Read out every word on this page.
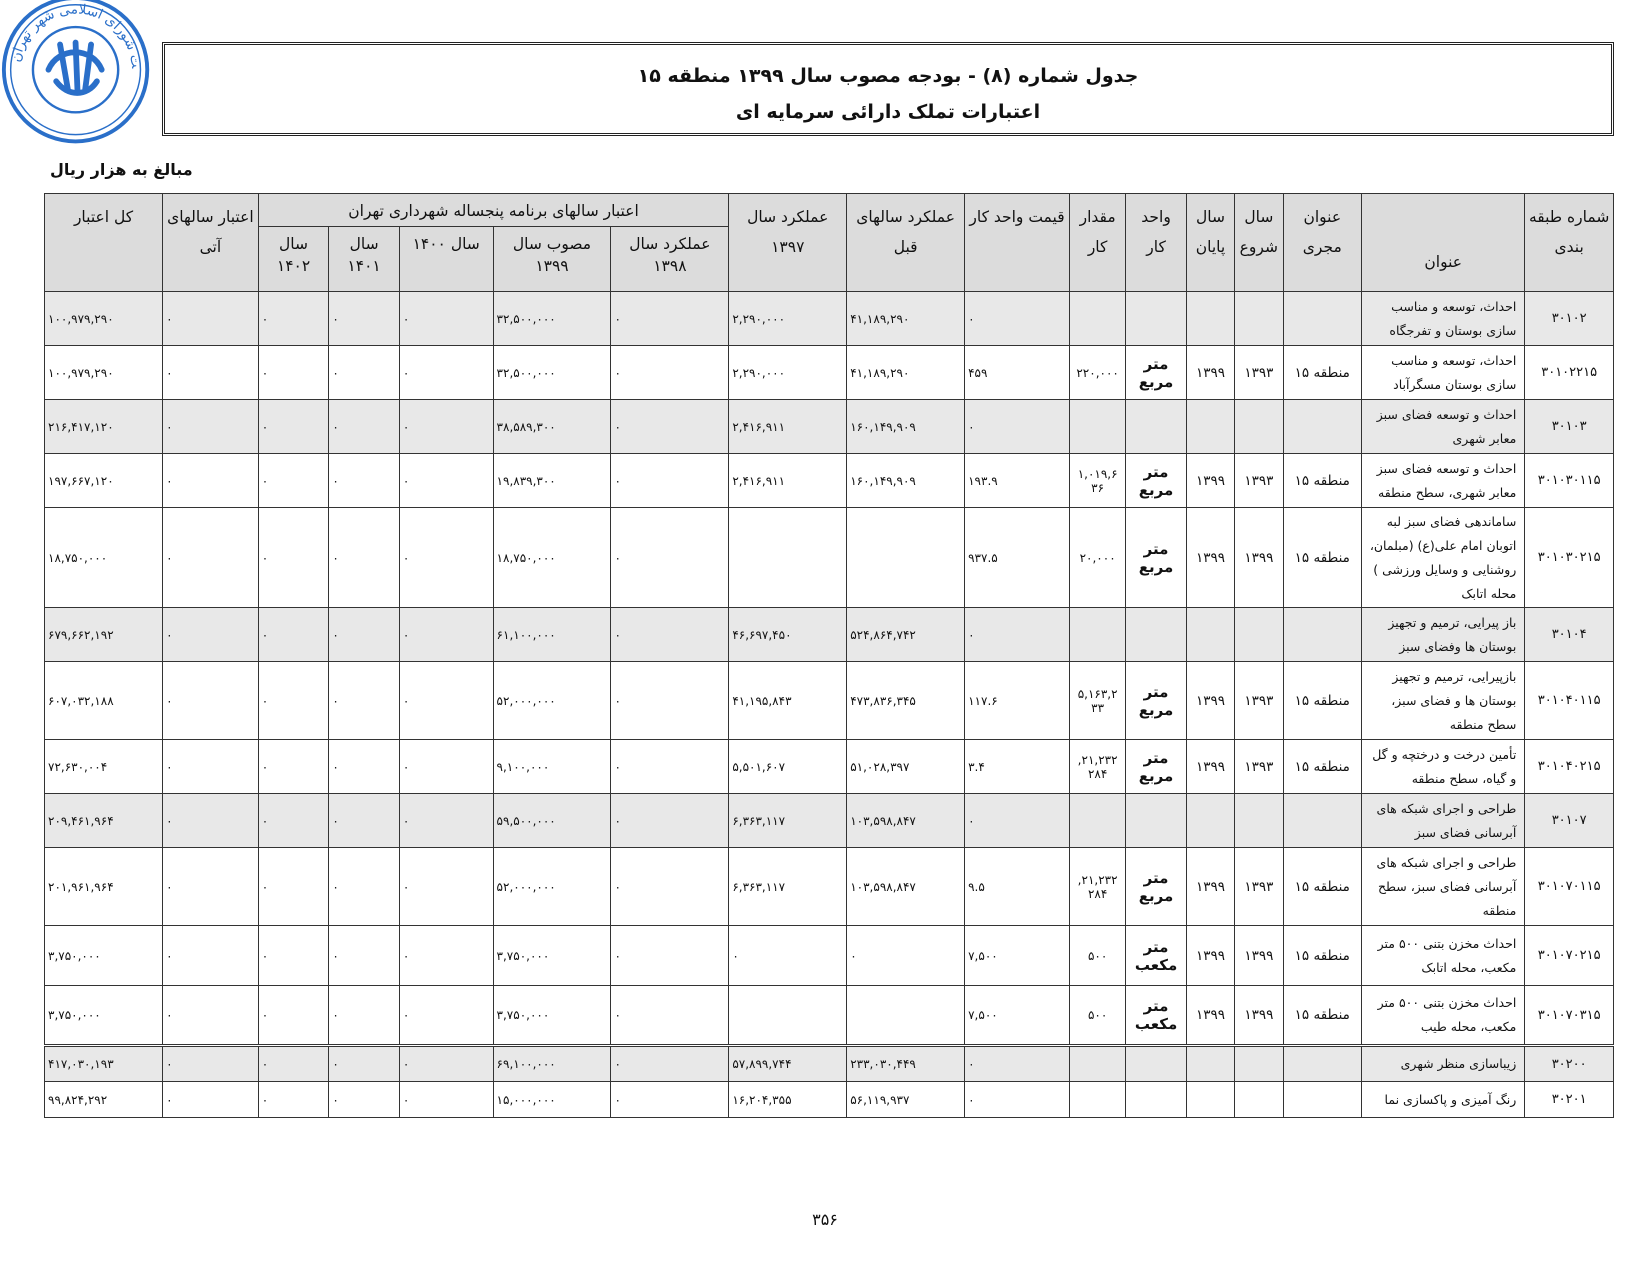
ت شورای اسلامی شهر تهران
جدول شماره (۸) - بودجه مصوب سال ۱۳۹۹ منطقه ۱۵
اعتبارات تملک دارائی سرمایه ای
مبالغ به هزار ریال
شماره طبقه بندی	عنوان	عنوان مجری	سال شروع	سال پایان	واحد کار	مقدار کار	قیمت واحد کار	عملکرد سالهای قبل	عملکرد سال ۱۳۹۷	اعتبار سالهای برنامه پنجساله شهرداری تهران					اعتبار سالهای آتی	کل اعتبار
										عملکرد سال ۱۳۹۸	مصوب سال ۱۳۹۹	سال ۱۴۰۰	سال ۱۴۰۱	سال ۱۴۰۲		
۳۰۱۰۲	احداث، توسعه و مناسب سازی بوستان و تفرجگاه						۰	۴۱,۱۸۹,۲۹۰	۲,۲۹۰,۰۰۰	۰	۳۲,۵۰۰,۰۰۰	۰	۰	۰	۰	۱۰۰,۹۷۹,۲۹۰
۳۰۱۰۲۲۱۵	احداث، توسعه و مناسب سازی بوستان مسگرآباد	منطقه ۱۵	۱۳۹۳	۱۳۹۹	متر مربع	۲۲۰,۰۰۰	۴۵۹	۴۱,۱۸۹,۲۹۰	۲,۲۹۰,۰۰۰	۰	۳۲,۵۰۰,۰۰۰	۰	۰	۰	۰	۱۰۰,۹۷۹,۲۹۰
۳۰۱۰۳	احداث و توسعه فضای سبز معابر شهری						۰	۱۶۰,۱۴۹,۹۰۹	۲,۴۱۶,۹۱۱	۰	۳۸,۵۸۹,۳۰۰	۰	۰	۰	۰	۲۱۶,۴۱۷,۱۲۰
۳۰۱۰۳۰۱۱۵	احداث و توسعه فضای سبز معابر شهری، سطح منطقه	منطقه ۱۵	۱۳۹۳	۱۳۹۹	متر مربع	۱,۰۱۹,۶ ۳۶	۱۹۳.۹	۱۶۰,۱۴۹,۹۰۹	۲,۴۱۶,۹۱۱	۰	۱۹,۸۳۹,۳۰۰	۰	۰	۰	۰	۱۹۷,۶۶۷,۱۲۰
۳۰۱۰۳۰۲۱۵	ساماندهی فضای سبز لبه اتوبان امام علی(ع) (مبلمان، روشنایی و وسایل ورزشی ) محله اتابک	منطقه ۱۵	۱۳۹۹	۱۳۹۹	متر مربع	۲۰,۰۰۰	۹۳۷.۵			۰	۱۸,۷۵۰,۰۰۰	۰	۰	۰	۰	۱۸,۷۵۰,۰۰۰
۳۰۱۰۴	باز پیرایی، ترمیم و تجهیز بوستان ها وفضای سبز						۰	۵۲۴,۸۶۴,۷۴۲	۴۶,۶۹۷,۴۵۰	۰	۶۱,۱۰۰,۰۰۰	۰	۰	۰	۰	۶۷۹,۶۶۲,۱۹۲
۳۰۱۰۴۰۱۱۵	بازپیرایی، ترمیم و تجهیز بوستان ها و فضای سبز، سطح منطقه	منطقه ۱۵	۱۳۹۳	۱۳۹۹	متر مربع	۵,۱۶۳,۲ ۳۳	۱۱۷.۶	۴۷۳,۸۳۶,۳۴۵	۴۱,۱۹۵,۸۴۳	۰	۵۲,۰۰۰,۰۰۰	۰	۰	۰	۰	۶۰۷,۰۳۲,۱۸۸
۳۰۱۰۴۰۲۱۵	تأمین درخت و درختچه و گل و گیاه، سطح منطقه	منطقه ۱۵	۱۳۹۳	۱۳۹۹	متر مربع	۲۱,۲۳۲, ۲۸۴	۳.۴	۵۱,۰۲۸,۳۹۷	۵,۵۰۱,۶۰۷	۰	۹,۱۰۰,۰۰۰	۰	۰	۰	۰	۷۲,۶۳۰,۰۰۴
۳۰۱۰۷	طراحی و اجرای شبکه های آبرسانی فضای سبز						۰	۱۰۳,۵۹۸,۸۴۷	۶,۳۶۳,۱۱۷	۰	۵۹,۵۰۰,۰۰۰	۰	۰	۰	۰	۲۰۹,۴۶۱,۹۶۴
۳۰۱۰۷۰۱۱۵	طراحی و اجرای شبکه های آبرسانی فضای سبز، سطح منطقه	منطقه ۱۵	۱۳۹۳	۱۳۹۹	متر مربع	۲۱,۲۳۲, ۲۸۴	۹.۵	۱۰۳,۵۹۸,۸۴۷	۶,۳۶۳,۱۱۷	۰	۵۲,۰۰۰,۰۰۰	۰	۰	۰	۰	۲۰۱,۹۶۱,۹۶۴
۳۰۱۰۷۰۲۱۵	احداث مخزن بتنی ۵۰۰ متر مکعب، محله اتابک	منطقه ۱۵	۱۳۹۹	۱۳۹۹	متر مکعب	۵۰۰	۷,۵۰۰	۰	۰	۰	۳,۷۵۰,۰۰۰	۰	۰	۰	۰	۳,۷۵۰,۰۰۰
۳۰۱۰۷۰۳۱۵	احداث مخزن بتنی ۵۰۰ متر مکعب، محله طیب	منطقه ۱۵	۱۳۹۹	۱۳۹۹	متر مکعب	۵۰۰	۷,۵۰۰			۰	۳,۷۵۰,۰۰۰	۰	۰	۰	۰	۳,۷۵۰,۰۰۰
۳۰۲۰۰	زیباسازی منظر شهری						۰	۲۳۳,۰۳۰,۴۴۹	۵۷,۸۹۹,۷۴۴	۰	۶۹,۱۰۰,۰۰۰	۰	۰	۰	۰	۴۱۷,۰۳۰,۱۹۳
۳۰۲۰۱	رنگ آمیزی و پاکسازی نما						۰	۵۶,۱۱۹,۹۳۷	۱۶,۲۰۴,۳۵۵	۰	۱۵,۰۰۰,۰۰۰	۰	۰	۰	۰	۹۹,۸۲۴,۲۹۲
۳۵۶
